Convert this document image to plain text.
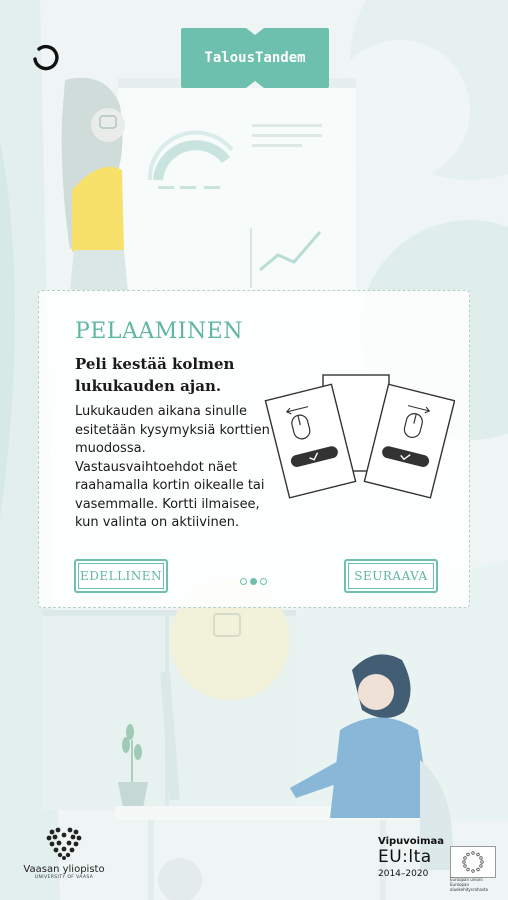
TalousTandem
PELAAMINEN

Peli kestää kolmen lukukauden ajan.

Lukukauden aikana sinulle esitetään kysymyksiä korttien muodossa. Vastausvaihtoehdot näet raahamalla kortin oikealle tai vasemmalle. Kortti ilmaisee, kun valinta on aktiivinen.

EDELLINEN	SEURAAVA
Vaasan yliopisto
UNIVERSITY OF VAASA
Vipuvoimaa
EU:lta
2014–2020
Euroopan unioni Euroopan aluekehitysrahasto
